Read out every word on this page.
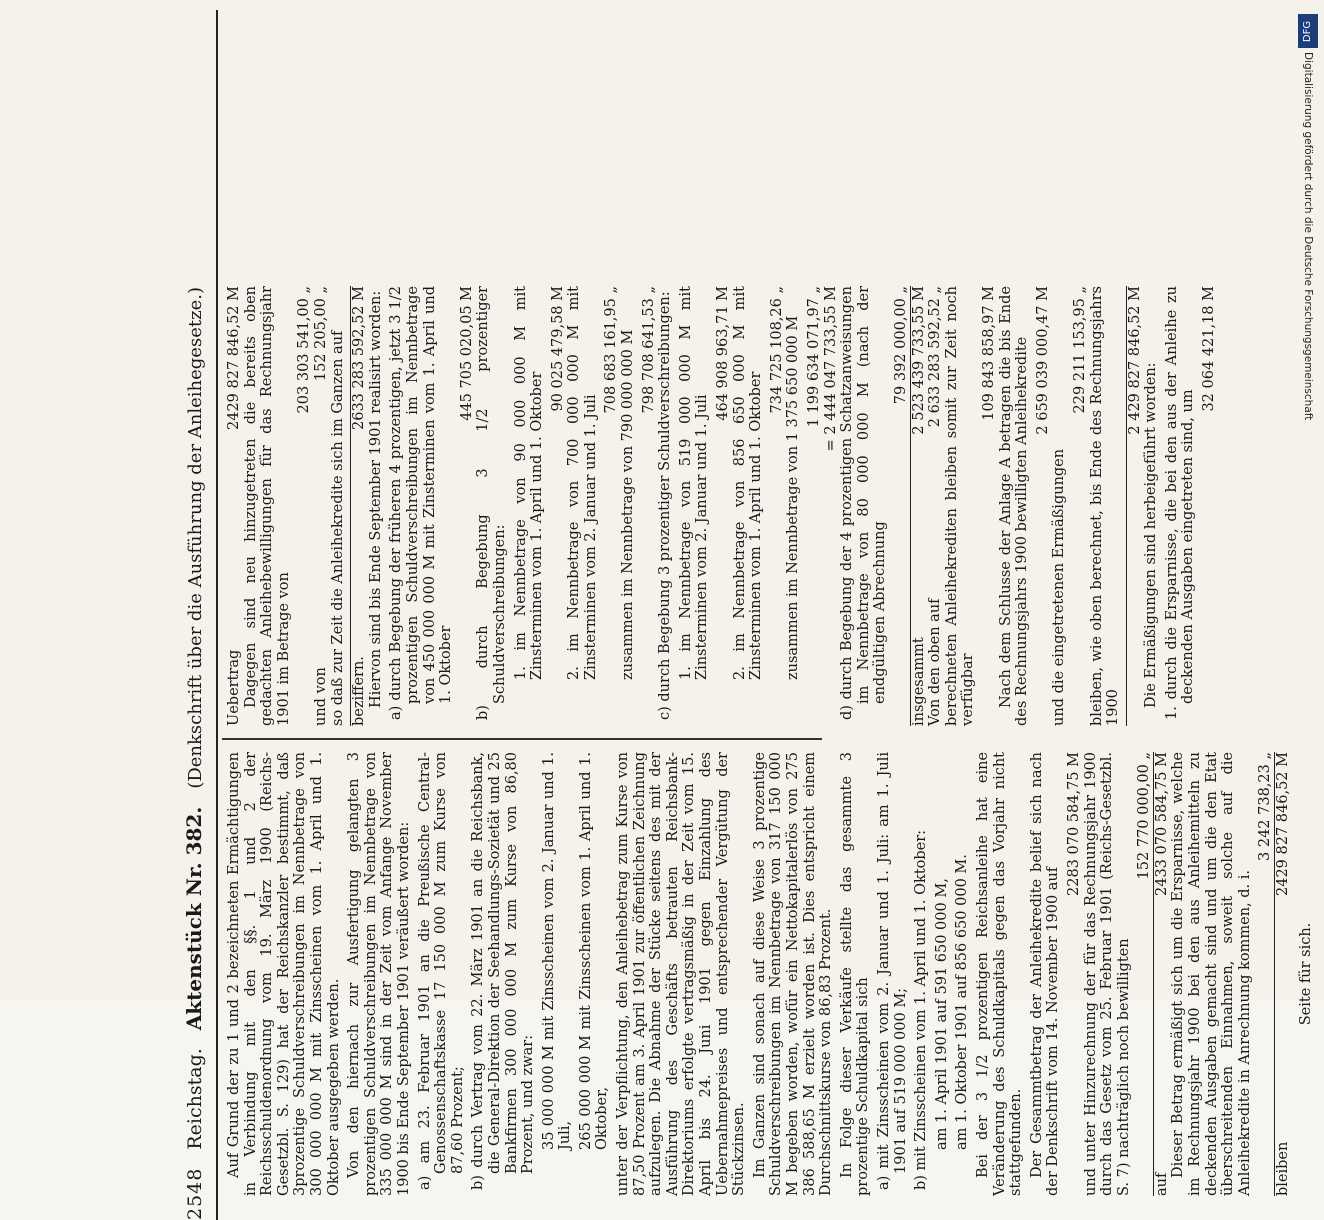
2548
Reichstag.
Aktenstück Nr. 382.
(Denkschrift über die Ausführung der Anleihegesetze.)

Auf Grund der zu 1 und 2 bezeichneten Ermächtigungen in Verbindung mit den §§. 1 und 2 der Reichsschuldenordnung vom 19. März 1900 (Reichs-Gesetzbl. S. 129) hat der Reichskanzler bestimmt, daß 3prozentige Schuldverschreibungen im Nennbetrage von 300 000 000 M mit Zinsscheinen vom 1. April und 1. Oktober ausgegeben werden. Von den hiernach zur Ausfertigung gelangten 3 prozentigen Schuldverschreibungen im Nennbetrage von 335 000 000 M sind in der Zeit vom Anfange November 1900 bis Ende September 1901 veräußert worden: a) am 23. Februar 1901 an die Preußische Central-Genossenschaftskasse 17 150 000 M zum Kurse von 87,60 Prozent; b) durch Vertrag vom 22. März 1901 an die Reichsbank, die General-Direktion der Seehandlungs-Sozietät und 25 Bankfirmen 300 000 000 M zum Kurse von 86,80 Prozent, und zwar: 35 000 000 M mit Zinsscheinen vom 2. Januar und 1. Juli, 265 000 000 M mit Zinsscheinen vom 1. April und 1. Oktober, unter der Verpflichtung, den Anleihebetrag zum Kurse von 87,50 Prozent am 3. April 1901 zur öffentlichen Zeichnung aufzulegen. Die Abnahme der Stücke seitens des mit der Ausführung des Geschäfts betrauten Reichsbank-Direktoriums erfolgte vertragsmäßig in der Zeit vom 15. April bis 24. Juni 1901 gegen Einzahlung des Uebernahmepreises und entsprechender Vergütung der Stückzinsen. Im Ganzen sind sonach auf diese Weise 3 prozentige Schuldverschreibungen im Nennbetrage von 317 150 000 M begeben worden, wofür ein Nettokapitalerlös von 275 386 588,65 M erzielt worden ist. Dies entspricht einem Durchschnittskurse von 86,83 Prozent. In Folge dieser Verkäufe stellte das gesammte 3 prozentige Schuldkapital sich a) mit Zinsscheinen vom 2. Januar und 1. Juli: am 1. Juli 1901 auf 519 000 000 M; b) mit Zinsscheinen vom 1. April und 1. Oktober: am 1. April 1901 auf 591 650 000 M, am 1. Oktober 1901 auf 856 650 000 M. Bei der 3 1/2 prozentigen Reichsanleihe hat eine Veränderung des Schuldkapitals gegen das Vorjahr nicht stattgefunden. Der Gesammtbetrag der Anleihekredite belief sich nach der Denkschrift vom 14. November 1900 auf

2283 070 584,75 M und unter Hinzurechnung der für das Rechnungsjahr 1900 durch das Gesetz vom 25. Februar 1901 (Reichs-Gesetzbl. S. 7) nachträglich noch bewilligten

152 770 000,00 „
auf
2433 070 584,75 M Dieser Betrag ermäßigt sich um die Ersparnisse, welche im Rechnungsjahr 1900 bei den aus Anleihemitteln zu deckenden Ausgaben gemacht sind und um die den Etat überschreitenden Einnahmen, soweit solche auf die Anleihekredite in Anrechnung kommen, d. i.

3 242 738,23 „
bleiben
2429 827 846,52 M

Seite für sich.

Uebertrag
2429 827 846,52 M Dagegen sind neu hinzugetreten die bereits oben gedachten Anleihebewilligungen für das Rechnungsjahr 1901 im Betrage von

203 303 541,00 „
und von
152 205,00 „ so daß zur Zeit die Anleihekredite sich im Ganzen auf beziffern.
2633 283 592,52 M Hiervon sind bis Ende September 1901 realisirt worden: a) durch Begebung der früheren 4 prozentigen, jetzt 3 1/2 prozentigen Schuldverschreibungen im Nennbetrage von 450 000 000 M mit Zinsterminen vom 1. April und 1. Oktober

445 705 020,05 M b) durch Begebung 3 1/2 prozentiger Schuldverschreibungen: 1. im Nennbetrage von 90 000 000 M mit Zinsterminen vom 1. April und 1. Oktober

90 025 479,58 M 2. im Nennbetrage von 700 000 000 M mit Zinsterminen vom 2. Januar und 1. Juli

708 683 161,95 „ zusammen im Nennbetrage von 790 000 000 M 798 708 641,53 „ c) durch Begebung 3 prozentiger Schuldverschreibungen: 1. im Nennbetrage von 519 000 000 M mit Zinsterminen vom 2. Januar und 1. Juli

464 908 963,71 M 2. im Nennbetrage von 856 650 000 M mit Zinsterminen vom 1. April und 1. Oktober

734 725 108,26 „ zusammen im Nennbetrage von 1 375 650 000 M 1 199 634 071,97 „ = 2 444 047 733,55 M d) durch Begebung der 4 prozentigen Schatzanweisungen im Nennbetrage von 80 000 000 M (nach der endgültigen Abrechnung

79 392 000,00 „
insgesammt
2 523 439 733,55 M
Von den oben auf
2 633 283 592,52 „ berechneten Anleihekrediten bleiben somit zur Zeit noch verfügbar

109 843 858,97 M Nach dem Schlusse der Anlage A betragen die bis Ende des Rechnungsjahrs 1900 bewilligten Anleihekredite 2 659 039 000,47 M

und die eingetretenen Ermäßigungen

229 211 153,95 „ bleiben, wie oben berechnet, bis Ende des Rechnungsjahrs 1900

2 429 827 846,52 M

Die Ermäßigungen sind herbeigeführt worden: 1. durch die Ersparnisse, die bei den aus der Anleihe zu deckenden Ausgaben eingetreten sind, um

32 064 421,18 M
DFG
Digitalisierung gefördert durch die Deutsche Forschungsgemeinschaft
